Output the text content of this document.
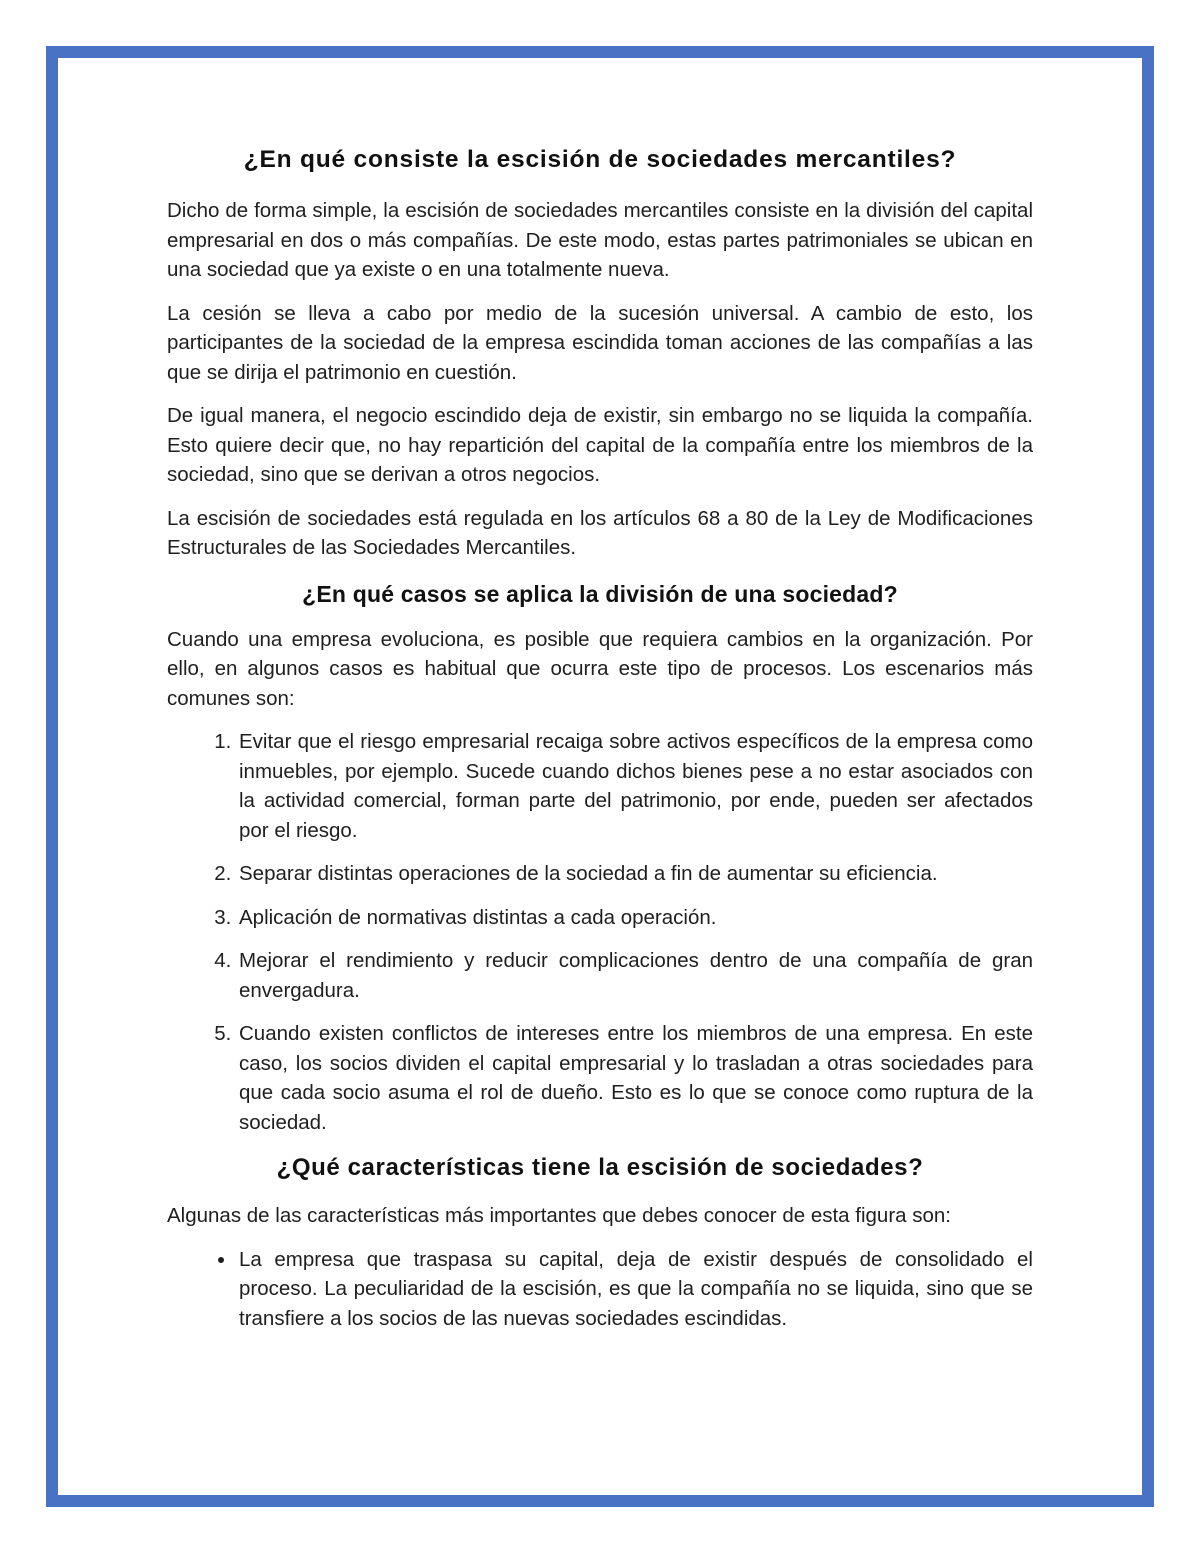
¿En qué consiste la escisión de sociedades mercantiles?

Dicho de forma simple, la escisión de sociedades mercantiles consiste en la división del capital empresarial en dos o más compañías. De este modo, estas partes patrimoniales se ubican en una sociedad que ya existe o en una totalmente nueva.

La cesión se lleva a cabo por medio de la sucesión universal. A cambio de esto, los participantes de la sociedad de la empresa escindida toman acciones de las compañías a las que se dirija el patrimonio en cuestión.

De igual manera, el negocio escindido deja de existir, sin embargo no se liquida la compañía. Esto quiere decir que, no hay repartición del capital de la compañía entre los miembros de la sociedad, sino que se derivan a otros negocios.

La escisión de sociedades está regulada en los artículos 68 a 80 de la Ley de Modificaciones Estructurales de las Sociedades Mercantiles.

¿En qué casos se aplica la división de una sociedad?

Cuando una empresa evoluciona, es posible que requiera cambios en la organización. Por ello, en algunos casos es habitual que ocurra este tipo de procesos. Los escenarios más comunes son:

1. Evitar que el riesgo empresarial recaiga sobre activos específicos de la empresa como inmuebles, por ejemplo. Sucede cuando dichos bienes pese a no estar asociados con la actividad comercial, forman parte del patrimonio, por ende, pueden ser afectados por el riesgo.
2. Separar distintas operaciones de la sociedad a fin de aumentar su eficiencia.
3. Aplicación de normativas distintas a cada operación.
4. Mejorar el rendimiento y reducir complicaciones dentro de una compañía de gran envergadura.
5. Cuando existen conflictos de intereses entre los miembros de una empresa. En este caso, los socios dividen el capital empresarial y lo trasladan a otras sociedades para que cada socio asuma el rol de dueño. Esto es lo que se conoce como ruptura de la sociedad.
¿Qué características tiene la escisión de sociedades?

Algunas de las características más importantes que debes conocer de esta figura son:

• La empresa que traspasa su capital, deja de existir después de consolidado el proceso. La peculiaridad de la escisión, es que la compañía no se liquida, sino que se transfiere a los socios de las nuevas sociedades escindidas.
